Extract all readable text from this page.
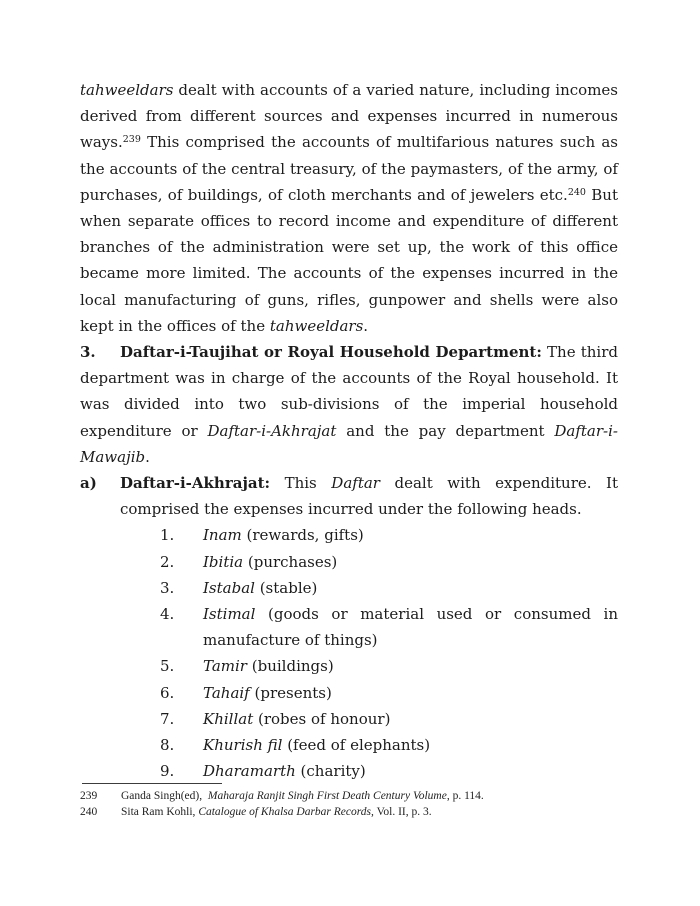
tahweeldars dealt with accounts of a varied nature, including incomes derived from different sources and expenses incurred in numerous ways.$^{239}$ This comprised the accounts of multifarious natures such as the accounts of the central treasury, of the paymasters, of the army, of purchases, of buildings, of cloth merchants and of jewelers etc.$^{240}$ But when separate offices to record income and expenditure of different branches of the administration were set up, the work of this office became more limited. The accounts of the expenses incurred in the local manufacturing of guns, rifles, gunpower and shells were also kept in the offices of the tahweeldars.

3. Daftar-i-Taujihat or Royal Household Department: The third department was in charge of the accounts of the Royal household. It was divided into two sub-divisions of the imperial household expenditure or Daftar-i-Akhrajat and the pay department Daftar-i-Mawajib.

a) Daftar-i-Akhrajat: This Daftar dealt with expenditure. It comprised the expenses incurred under the following heads.

1. Inam (rewards, gifts)

2. Ibitia (purchases)

3. Istabal (stable)

4. Istimal (goods or material used or consumed in manufacture of things)

5. Tamir (buildings)

6. Tahaif (presents)

7. Khillat (robes of honour)

8. Khurish fil (feed of elephants)

9. Dharamarth (charity)

239 Ganda Singh(ed),  Maharaja Ranjit Singh First Death Century Volume, p. 114.

240 Sita Ram Kohli, Catalogue of Khalsa Darbar Records, Vol. II, p. 3.
